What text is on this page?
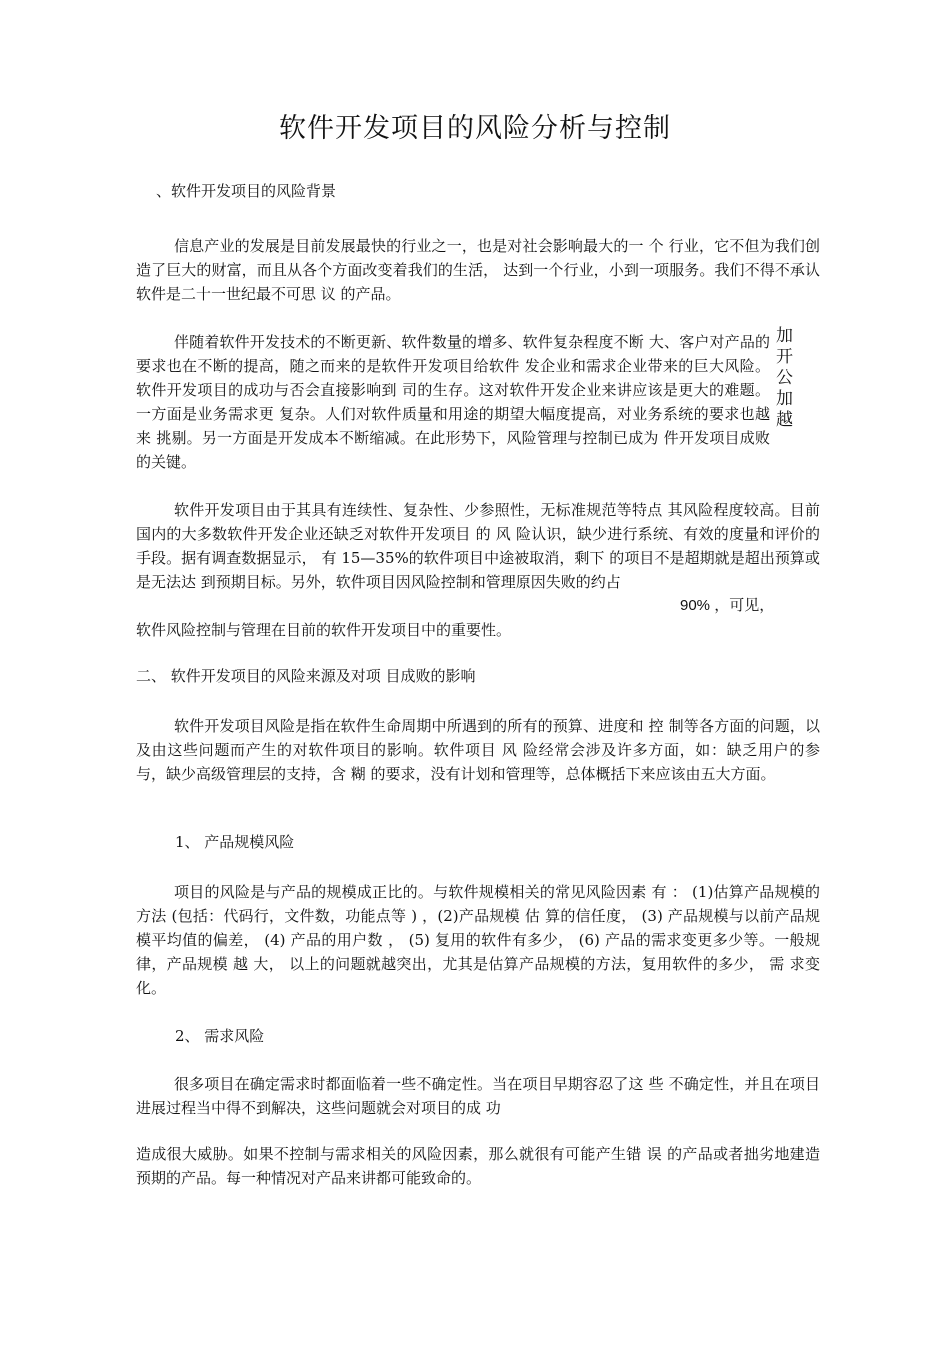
软件开发项目的风险分析与控制
、软件开发项目的风险背景
信息产业的发展是目前发展最快的行业之一，也是对社会影响最大的一 个 行业，它不但为我们创造了巨大的财富，而且从各个方面改变着我们的生活， 达到一个行业，小到一项服务。我们不得不承认软件是二十一世纪最不可思 议 的产品。
伴随着软件开发技术的不断更新、软件数量的增多、软件复杂程度不断 大、客户对产品的要求也在不断的提高，随之而来的是软件开发项目给软件 发企业和需求企业带来的巨大风险。软件开发项目的成功与否会直接影响到 司的生存。这对软件开发企业来讲应该是更大的难题。一方面是业务需求更 复杂。人们对软件质量和用途的期望大幅度提高，对业务系统的要求也越来 挑剔。另一方面是开发成本不断缩减。在此形势下，风险管理与控制已成为 件开发项目成败的关键。
加开公加越
软件开发项目由于其具有连续性、复杂性、少参照性，无标准规范等特点 其风险程度较高。目前国内的大多数软件开发企业还缺乏对软件开发项目 的 风 险认识，缺少进行系统、有效的度量和评价的手段。据有调查数据显示， 有 15—35%的软件项目中途被取消，剩下 的项目不是超期就是超出预算或是无法达 到预期目标。另外，软件项目因风险控制和管理原因失败的约占
90% ，可见，
软件风险控制与管理在目前的软件开发项目中的重要性。
二、 软件开发项目的风险来源及对项 目成败的影响
软件开发项目风险是指在软件生命周期中所遇到的所有的预算、进度和 控 制等各方面的问题，以及由这些问题而产生的对软件项目的影响。软件项目 风 险经常会涉及许多方面，如：缺乏用户的参与，缺少高级管理层的支持，含 糊 的要求，没有计划和管理等，总体概括下来应该由五大方面。
1、 产品规模风险
项目的风险是与产品的规模成正比的。与软件规模相关的常见风险因素 有 ： (1)估算产品规模的方法 (包括：代码行，文件数，功能点等 ) ，(2)产品规模 估 算的信任度， (3) 产品规模与以前产品规模平均值的偏差， (4) 产品的用户数 ， (5) 复用的软件有多少， (6) 产品的需求变更多少等。一般规律，产品规模 越 大， 以上的问题就越突出，尤其是估算产品规模的方法，复用软件的多少， 需 求变 化。
2、 需求风险
很多项目在确定需求时都面临着一些不确定性。当在项目早期容忍了这 些 不确定性，并且在项目进展过程当中得不到解决，这些问题就会对项目的成 功
造成很大威胁。如果不控制与需求相关的风险因素，那么就很有可能产生错 误 的产品或者拙劣地建造预期的产品。每一种情况对产品来讲都可能致命的。
